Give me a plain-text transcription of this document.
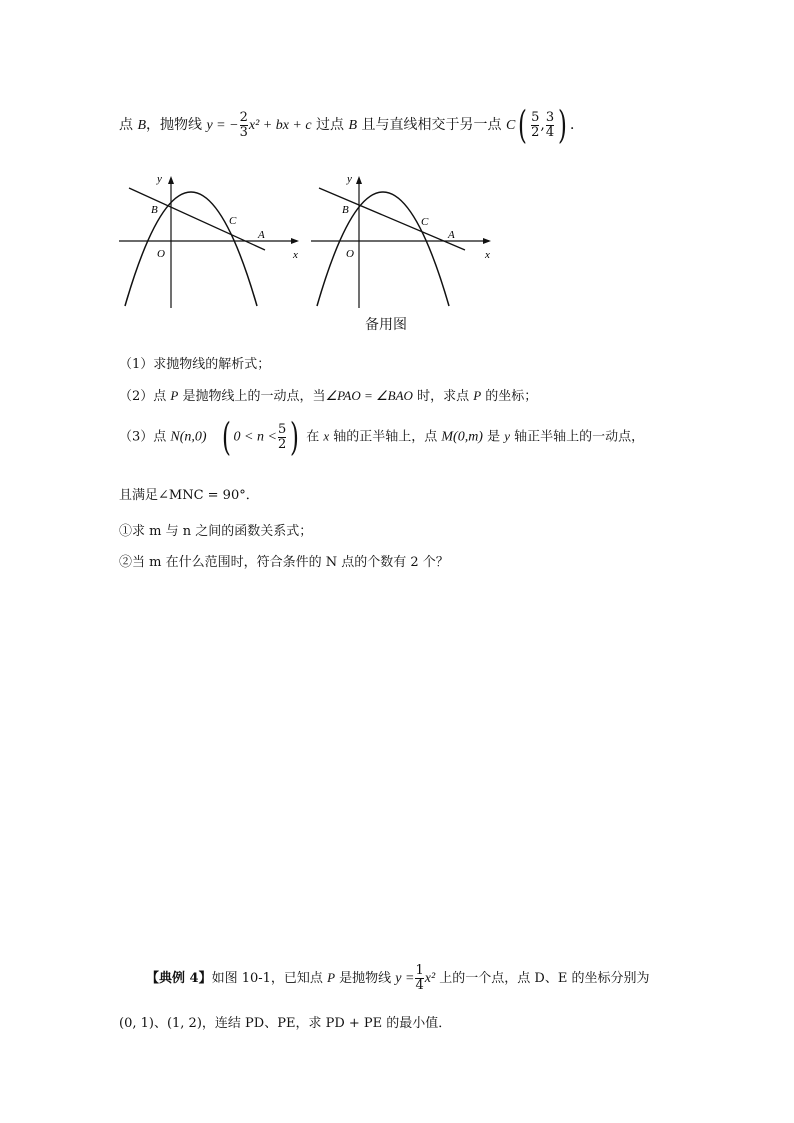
点 B，抛物线 y = − $\frac{2}{3} x^2$ + bx + c 过点 B 且与直线相交于另一点 $C( \frac{5}{2}$ , $\frac{3}{4}$ ) ．
y
x
O
B
C
A
y
x
O
B
C
A
备用图
（1）求抛物线的解析式；
（2）点 P 是抛物线上的一动点，当∠PAO = ∠BAO 时，求点 P 的坐标；
（3）点 N(n,0) ( $0 < n < \frac{5}{2}$ ) 在 x 轴的正半轴上，点 M(0,m) 是 y 轴正半轴上的一动点，
且满足∠MNC = 90°．
①求 m 与 n 之间的函数关系式；
②当 m 在什么范围时，符合条件的 N 点的个数有 2 个？
【典例 4】如图 10-1，已知点 P 是抛物线 $y = \frac{1}{4} x^2$ 上的一个点，点 D、E 的坐标分别为
(0, 1)、(1, 2)，连结 PD、PE，求 PD + PE 的最小值．
